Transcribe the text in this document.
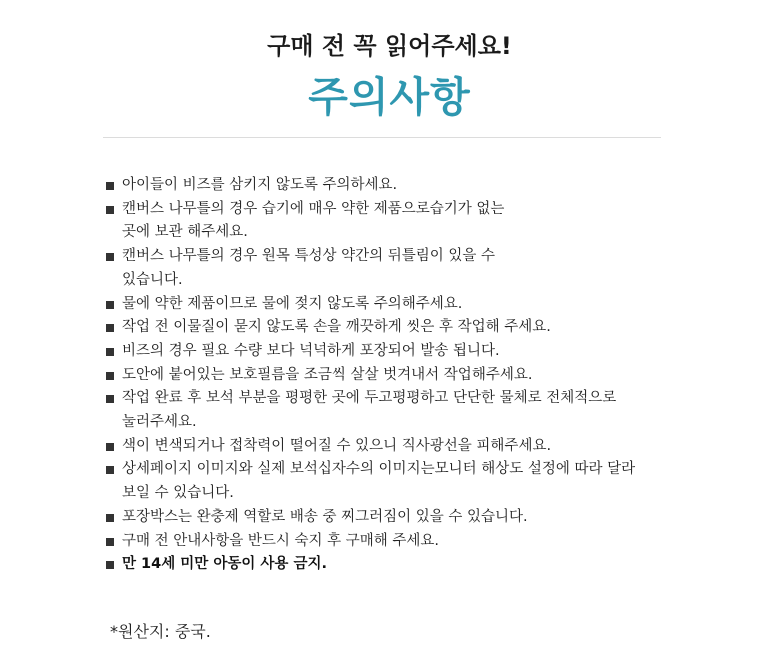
구매 전 꼭 읽어주세요!
주의사항
아이들이 비즈를 삼키지 않도록 주의하세요.
캔버스 나무틀의 경우 습기에 매우 약한 제품으로습기가 없는
곳에 보관 해주세요.
캔버스 나무틀의 경우 원목 특성상 약간의 뒤틀림이 있을 수
있습니다.
물에 약한 제품이므로 물에 젖지 않도록 주의해주세요.
작업 전 이물질이 묻지 않도록 손을 깨끗하게 씻은 후 작업해 주세요.
비즈의 경우 필요 수량 보다 넉넉하게 포장되어 발송 됩니다.
도안에 붙어있는 보호필름을 조금씩 살살 벗겨내서 작업해주세요.
작업 완료 후 보석 부분을 평평한 곳에 두고평평하고 단단한 물체로 전체적으로
눌러주세요.
색이 변색되거나 접착력이 떨어질 수 있으니 직사광선을 피해주세요.
상세페이지 이미지와 실제 보석십자수의 이미지는모니터 해상도 설정에 따라 달라
보일 수 있습니다.
포장박스는 완충제 역할로 배송 중 찌그러짐이 있을 수 있습니다.
구매 전 안내사항을 반드시 숙지 후 구매해 주세요.
만 14세 미만 아동이 사용 금지.

*원산지: 중국.
